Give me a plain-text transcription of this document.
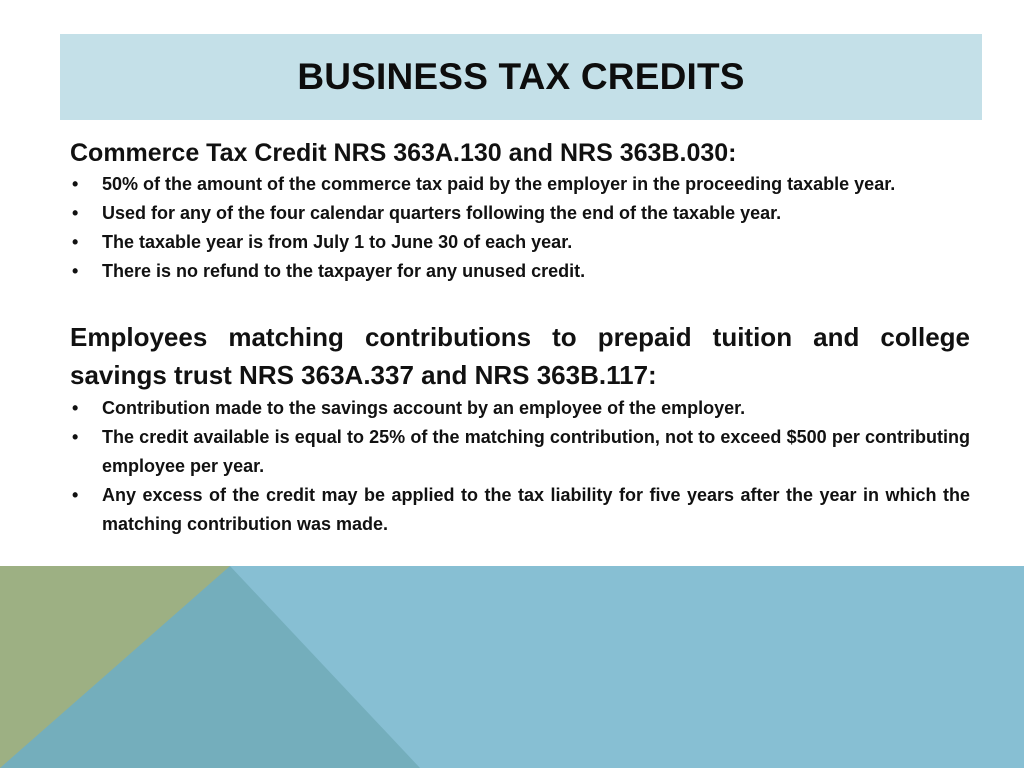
BUSINESS TAX CREDITS

Commerce Tax Credit NRS 363A.130 and NRS 363B.030:

• 50% of the amount of the commerce tax paid by the employer in the proceeding taxable year.
• Used for any of the four calendar quarters following the end of the taxable year.
• The taxable year is from July 1 to June 30 of each year.
• There is no refund to the taxpayer for any unused credit.

Employees matching contributions to prepaid tuition and college savings trust NRS 363A.337 and NRS 363B.117:

• Contribution made to the savings account by an employee of the employer.
• The credit available is equal to 25% of the matching contribution, not to exceed $500 per contributing employee per year.
• Any excess of the credit may be applied to the tax liability for five years after the year in which the matching contribution was made.
